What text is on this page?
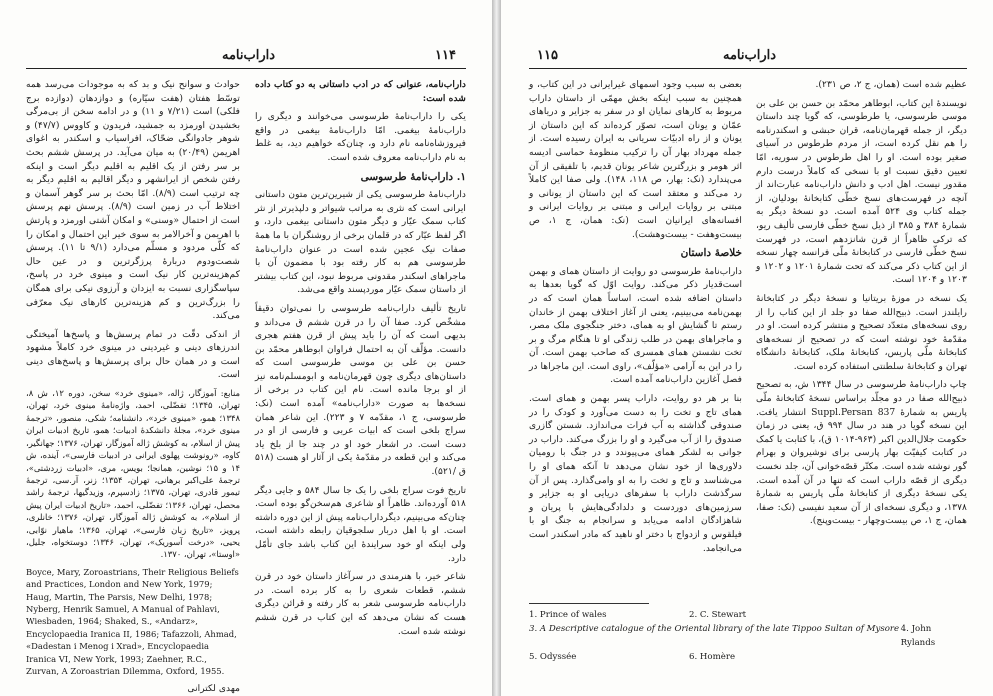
داراب‌نامه	۱۱۴

داراب‌نامه، عنوانی که در ادب داستانی به دو کتاب داده شده است:

یکی را داراب‌نامهٔ طرسوسی می‌خوانند و دیگری را داراب‌نامهٔ بیغمی. امّا داراب‌نامهٔ بیغمی در واقع فیروزشاه‌نامه نام دارد و، چنان‌که خواهیم دید، به غلط به نام داراب‌نامه معروف شده است.

۱. داراب‌نامهٔ طرسوسی

داراب‌نامهٔ طرسوسی یکی از شیرین‌ترین متون داستانی ایرانی است که نثری به مراتب شیواتر و دلپذیرتر از نثر کتاب سمک عیّار و دیگر متون داستانی بیغمی دارد، و اگر لفظ عیّار که در قلمان برخی از روشنگران با ما همهٔ صفات نیک عجین شده است در عنوان داراب‌نامهٔ طرسوسی هم به کار رفته بود با مضمون آن با ماجراهای اسکندر مقدونی مربوط نبود، این کتاب بیشتر از داستان سمک عیّار موردپسند واقع می‌شد.

تاریخ تألیف داراب‌نامه طرسوسی را نمی‌توان دقیقاً مشخّص کرد. صفا آن را در قرن ششم ق می‌داند و بدیهی است که آن را باید پیش از قرن هفتم هجری دانست. مؤلّف آن به احتمال فراوان ابوطاهر محمّد بن حسن بن علی بن موسی طرسوسی است که داستان‌های دیگری چون قهرمان‌نامه و ابومسلم‌نامه نیز از او برجا مانده است. نام این کتاب در برخی از نسخه‌ها به صورت «داراب‌نامه» آمده است (نک: طرسوسی، ج ۱، مقدّمه ۷ و ۲۲۳). این شاعر همان سراج بلخی است که ابیات عربی و فارسی از او در دست است. در اشعار خود او در چند جا از بلخ یاد می‌کند و این قطعه در مقدّمهٔ یکی از آثار او هست (۵۱۸ ق /۵۲۱).

تاریخ فوت سراج بلخی را یک جا سال ۵۸۴ و جایی دیگر ۵۱۸ آورده‌اند. ظاهراً او شاعری هم‌سخن‌گو بوده است. چنان‌که می‌بینیم، دیگرداراب‌نامه پیش از این دوره داشته است. او با اهل دربار سلجوقیان رابطه داشته است، ولی اینکه او خود سرایندهٔ این کتاب باشد جای تأمّل دارد.

شاعر خیر، با هنرمندی در سرآغاز داستان خود در قرن ششم، قطعات شعری را به کار برده است. در داراب‌نامه طرسوسی شعر به کار رفته و قرائن دیگری هست که نشان می‌دهد که این کتاب در قرن ششم نوشته شده است.

حوادث و سوانح نیک و بد که به موجودات می‌رسد همه توسّط هفتان (هفت سیّاره) و دوازدهان (دوازده برج فلکی) است (۷/۲۱ و ۱۱) و در ادامه سخن از بی‌مرگی بخشیدن اورمزد به جمشید، فریدون و کاووس (۴۷/۷) و شوهر جادوانگی ضحّاک، افراسیاب و اسکندر به اغوای اهریمن (۲۰/۴۹) به میان می‌آید. در پرسش ششم بحث بر سر رفتن از یک اقلیم به اقلیم دیگر است و اینکه رفتن‌ شخص از ایرانشهر و دیگر اقالیم به اقلیم دیگر به چه ترتیب است (۸/۹). امّا بحث بر سر گوهر آسمان و اختلاط آب در زمین است (۸/۹). پرسش نهم پرسش است از احتمال «وسنی» و امکان آشتی اورمزد و پارتش با اهریمن و آخرالامر به سوی خیر این احتمال و امکان را که کلّی مردود و مسلّم می‌دارد (۹/۱ تا ۱۱). پرسش شصت‌ودوم دربارهٔ پرزگرترین و در عین حال کم‌هزینه‌ترین کار نیک است و مینوی خرد در پاسخ، سپاسگزاری نسبت به ایزدان و آرزوی نیکی برای همگان را بزرگ‌ترین و کم هزینه‌ترین کارهای نیک معرّفی می‌کند.

از اندکی دقّت در تمام پرسش‌ها و پاسخ‌ها آمیختگی اندرزهای دینی و غیردینی در مینوی خرد کاملاً مشهود است و در همان حال برای پرسش‌ها و پاسخ‌های دینی است.

منابع: آموزگار، ژاله، «مینوی خرد» سخن، دوره ۱۲، ش ۸، تهران، ۱۳۴۵؛ تفضّلی، احمد، واژه‌نامهٔ مینوی خرد، تهران، ۱۳۴۸؛ همو، «مینوی خرد»، دانشنامه؛ شکی، منصور، «ترجمهٔ مینوی خرد»، مجلهٔ دانشکدهٔ ادبیات؛ همو، تاریخ ادبیات ایران پیش از اسلام، به کوشش ژاله آموزگار، تهران، ۱۳۷۶؛ جهانگیر، کاوه، «رونوشت پهلوی ایرانی در ادبیات فارسی»، آینده، ش ۱۴ و ۱۵؛ نوشین، همانجا؛ بویس، مری، «ادبیات زردشتی»، ترجمهٔ علی‌اکبر برهانی، تهران، ۱۳۵۴؛ زنر، آر.سی، ترجمهٔ تیمور قادری، تهران، ۱۳۷۵؛ زادسپرم، وزیدگیها، ترجمهٔ راشد محصل، تهران، ۱۳۶۶؛ تفضّلی، احمد، «تاریخ ادبیات ایران پیش از اسلام»، به کوشش ژاله آموزگار، تهران، ۱۳۷۶؛ خانلری، پرویز، «تاریخ زبان فارسی»، تهران، ۱۳۶۵؛ ماهیار نوّابی، یحیی، «درخت آسوریک»، تهران، ۱۳۴۶؛ دوستخواه، جلیل، «اوستا»، تهران، ۱۳۷۰.

Boyce, Mary, Zoroastrians, Their Religious Beliefs and Practices, London and New York, 1979; Haug, Martin, The Parsis, New Delhi, 1978; Nyberg, Henrik Samuel, A Manual of Pahlavi, Wiesbaden, 1964; Shaked, S., «Andarz», Encyclopaedia Iranica II, 1986; Tafazzoli, Ahmad, «Dadestan i Menog i Xrad», Encyclopaedia Iranica VI, New York, 1993; Zaehner, R.C., Zurvan, A Zoroastrian Dilemma, Oxford, 1955.

مهدی لکترانی

داراب‌نامه
۱۱۵

عظیم شده است (همان، ج ۲، ص ۲۳۱).

نویسندهٔ این کتاب، ابوطاهر محمّد بن حسن بن علی بن موسی طرسوسی، یا طرطوسی، که گویا چند داستان دیگر، از جمله قهرمان‌نامه، قران حبشی و اسکندرنامه را هم نقل کرده است، از مردم طرطوس در آسیای صغیر بوده است. او را اهل طرطوس در سوریه، امّا تعیین دقیق نسبت او با نسخی که کاملاً درست دارم مقدور نیست. اهل ادب و دانش داراب‌نامه عبارت‌اند از آنچه در فهرست‌های نسخ خطّی کتابخانهٔ بودلیان، از جمله کتاب وی ۵۲۴ آمده است. دو نسخهٔ دیگر به شمارهٔ ۳۸۴ و ۳۸۵ از ذیل نسخ خطّی فارسی تألیف ریو، که ترکی ظاهراً از قرن شانزدهم است، در فهرست نسخ خطّی فارسی در کتابخانهٔ ملّی فرانسه چهار نسخه از این کتاب ذکر می‌کند که تحت شمارهٔ ۱۲۰۱ و ۱۲۰۲ و ۱۲۰۳ و ۱۲۰۴ است.

یک نسخه در موزهٔ بریتانیا و نسخهٔ دیگر در کتابخانهٔ رایلندز است. ذبیح‌الله صفا دو جلد از این کتاب را از روی نسخه‌های متعدّد تصحیح و منتشر کرده است. او در مقدّمهٔ خود نوشته است که در تصحیح از نسخه‌های کتابخانهٔ ملّی پاریس، کتابخانهٔ ملک، کتابخانهٔ دانشگاه تهران و کتابخانهٔ سلطنتی استفاده کرده است.

چاپ داراب‌نامهٔ طرسوسی در سال ۱۳۴۴ ش، به تصحیح ذبیح‌الله صفا در دو مجلّد براساس نسخهٔ کتابخانهٔ ملّی پاریس به شمارهٔ 837 Suppl.Persan انتشار یافت. این نسخه گویا در هند در سال ۹۹۴ ق، یعنی در زمان حکومت جلال‌الدین اکبر (۹۶۳-۱۰۱۴ ق)، با کتابت یا کمک در کتابت کیفیّت بهار پارسی برای نوشیروان و بهرام گور نوشته شده است. مکتّر قصّه‌خوانی آن، جلد نخست دیگری از قصّه داراب است که تنها در آن آمده است. یکی نسخهٔ دیگری از کتابخانهٔ ملّی پاریس به شمارهٔ ۱۳۷۸، و دیگری نسخه‌ای از آن سعید نفیسی (نک: صفا، همان، ج ۱، ص بیست‌وچهار - بیست‌وپنج).

بعضی به سبب وجود اسمهای غیرایرانی در این کتاب، و همچنین به سبب اینکه بخش مهمّی از داستان داراب مربوط به کارهای نمایان او در سفر به جزایر و دریاهای عمّان و یونان است، تصوّر کرده‌اند که این داستان از یونان و از راه ادبیّات سریانی به ایران رسیده است. از جمله مهرداد بهار آن را ترکیب منظومهٔ حماسی ادیسه اثر هومر و بزرگترین شاعر یونان قدیم، با تلفیقی از آن می‌پندارد (نک: بهار، ص ۱۱۸، ۱۴۸). ولی صفا این کاملاً رد می‌کند و معتقد است که این داستان از یونانی و مبتنی بر روایات ایرانی و مبتنی بر روایات ایرانی و افسانه‌های ایرانیان است (نک: همان، ج ۱، ص بیست‌وهفت - بیست‌وهشت).

خلاصهٔ داستان

داراب‌نامهٔ طرسوسی دو روایت از داستان همای و بهمن است‌قد‌یار ذکر می‌کند. روایت اوّل که گویا بعدها به داستان اضافه شده است، اساساً همان است که در بهمن‌نامه می‌بینیم، یعنی از آغاز اختلاف بهمن از خاندان رستم تا گشایش او به همای، دختر جنگجوی ملک مصر، و ماجراهای بهمن در طلب زندگی او تا هنگام مرگ و بر تخت نشستن همای همسری که صاحب بهمن است. آن را در این به آرامی «مؤلّف»، راوی است. این ماجراها در فصل آغازین داراب‌نامه آمده است.

بنا بر هر دو روایت، داراب پسر بهمن و همای است. همای تاج و تخت را به دست می‌آورد و کودک را در صندوقی گذاشته به آب فرات می‌اندازد. شستن گازری صندوق را از آب می‌گیرد و او را بزرگ می‌کند. داراب در جوانی به لشکر همای می‌پیوندد و در جنگ با رومیان دلاوری‌ها از خود نشان می‌دهد تا آنکه همای او را می‌شناسد و تاج و تخت را به او وامی‌گذارد. پس از آن سرگذشت داراب با سفرهای دریایی او به جزایر و سرزمین‌های دوردست و دلدادگی‌هایش با پریان و شاهزادگان ادامه می‌یابد و سرانجام به جنگ او با فیلقوس و ازدواج با دختر او ناهید که مادر اسکندر است می‌انجامد.

1. Prince of wales	2. C. Stewart
3. A Descriptive catalogue of the Oriental library of the late Tippoo Sultan of Mysore 4. John Rylands
5. Odyssée	6. Homère
